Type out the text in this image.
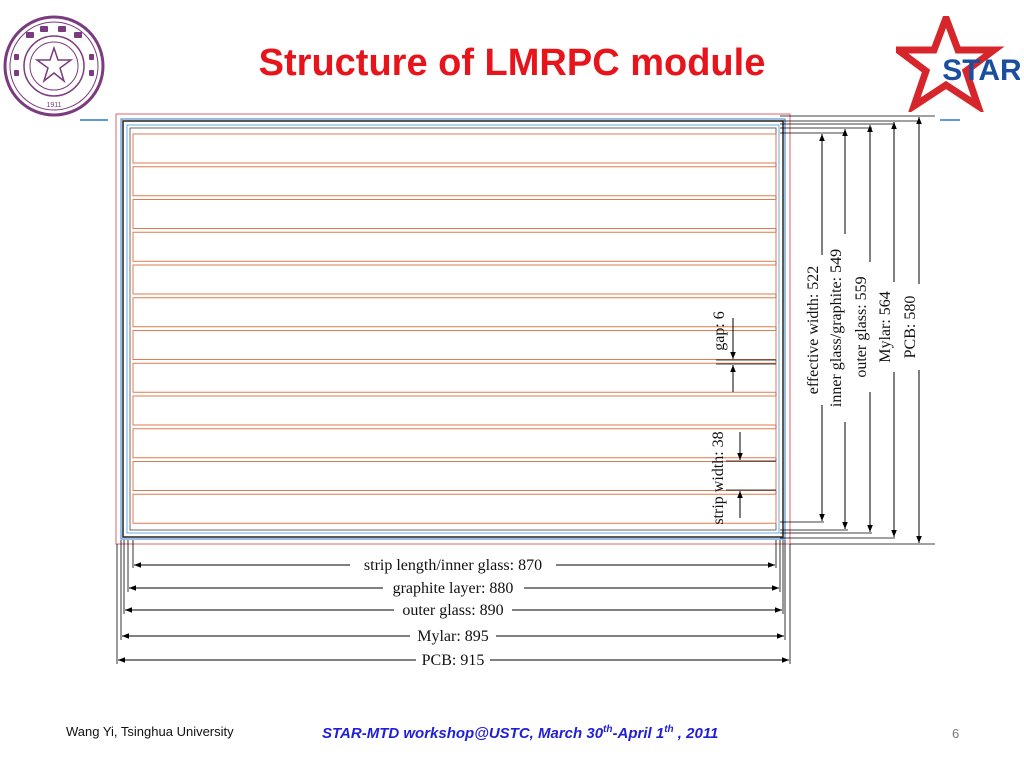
1911
Structure of LMRPC module	STAR
strip length/inner glass: 870
graphite layer: 880
outer glass: 890
Mylar: 895
PCB: 915
effective width: 522 inner glass/graphite: 549 outer glass: 559 Mylar: 564 PCB: 580
gap: 6
strip width: 38
Wang Yi, Tsinghua University	STAR-MTD workshop@USTC, March 30th-April 1th , 2011	6
